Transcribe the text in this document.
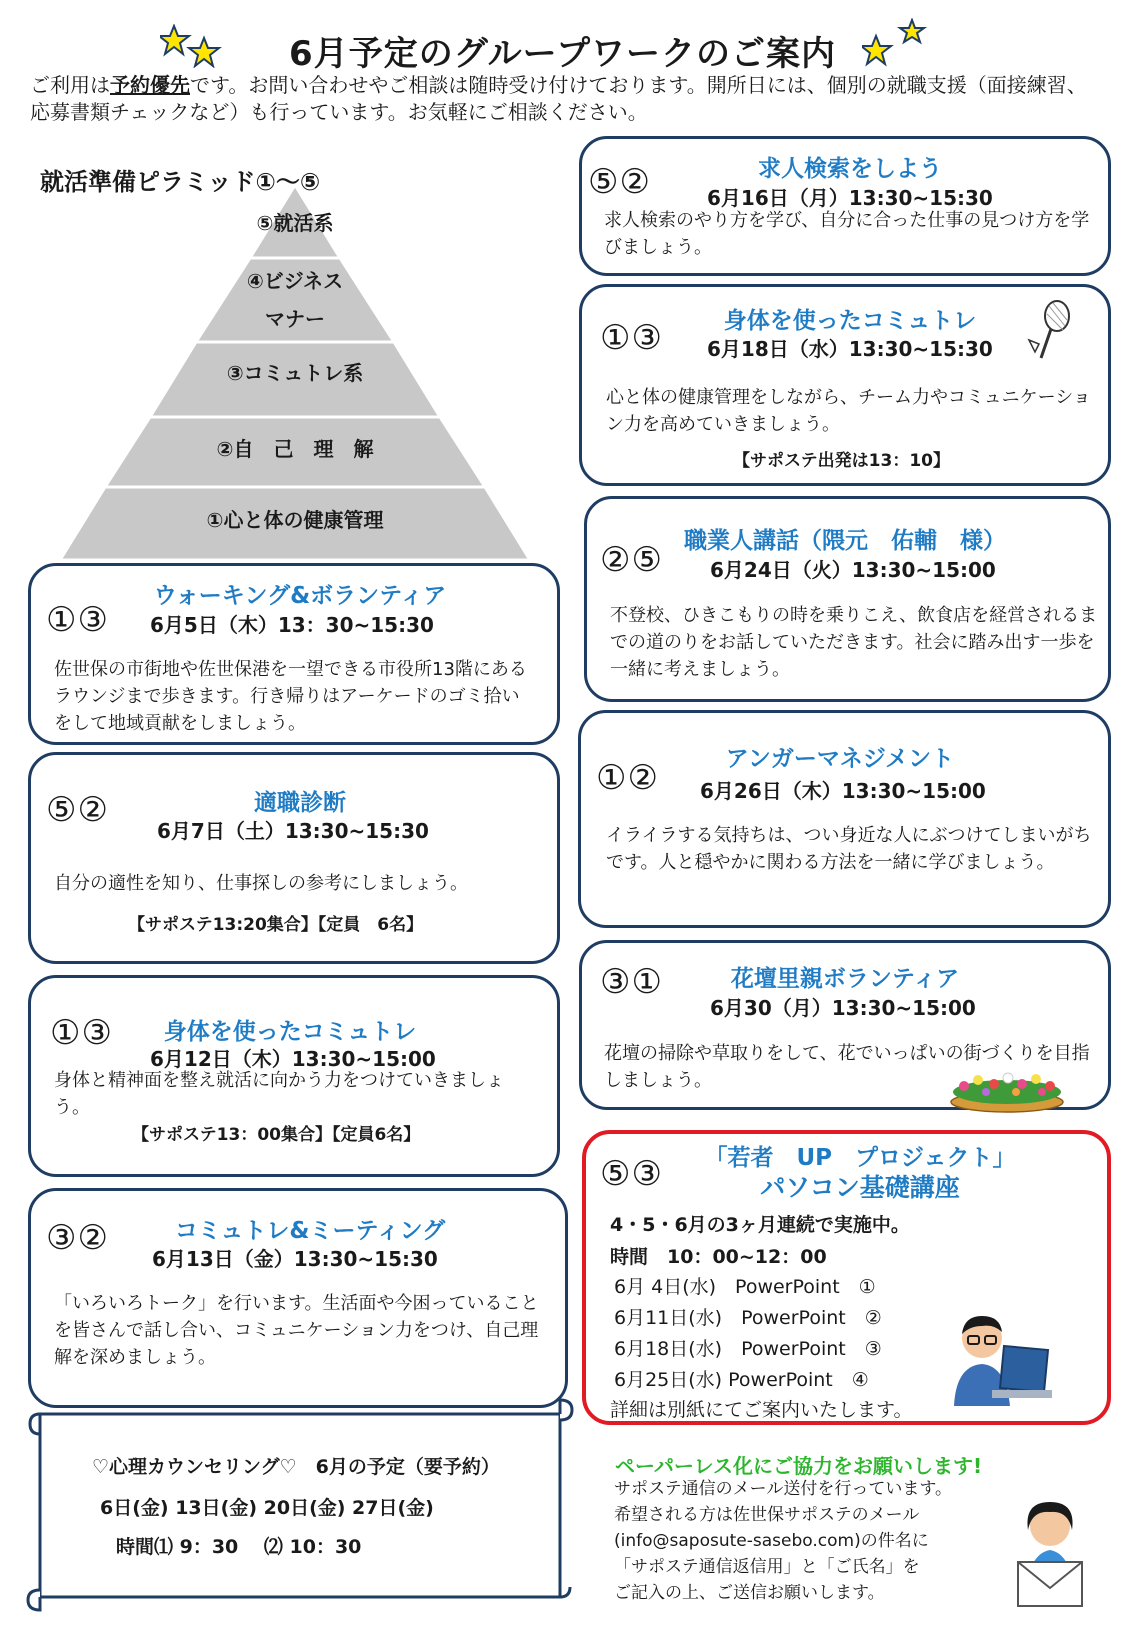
6月予定のグループワークのご案内
ご利用は予約優先です。お問い合わせやご相談は随時受け付けております。開所日には、個別の就職支援（面接練習、応募書類チェックなど）も行っています。お気軽にご相談ください。
就活準備ピラミッド①～⑤
⑤就活系
④ビジネス
マナー
③コミュトレ系
②自　己　理　解
①心と体の健康管理
①③
ウォーキング&ボランティア
6月5日（木）13：30~15:30
佐世保の市街地や佐世保港を一望できる市役所13階にあるラウンジまで歩きます。行き帰りはアーケードのゴミ拾いをして地域貢献をしましょう。
⑤②	適職診断
6月7日（土）13:30~15:30
自分の適性を知り、仕事探しの参考にしましょう。
【サポステ13:20集合】【定員　6名】
①③	身体を使ったコミュトレ
6月12日（木）13:30~15:00
身体と精神面を整え就活に向かう力をつけていきましょう。
【サポステ13：00集合】【定員6名】
③②	コミュトレ&ミーティング
6月13日（金）13:30~15:30
「いろいろトーク」を行います。生活面や今困っていることを皆さんで話し合い、コミュニケーション力をつけ、自己理解を深めましょう。
♡心理カウンセリング♡　6月の予定（要予約）
6日(金) 13日(金) 20日(金) 27日(金)
時間⑴ 9：30　 ⑵ 10：30
⑤②	求人検索をしよう
6月16日（月）13:30~15:30
求人検索のやり方を学び、自分に合った仕事の見つけ方を学びましょう。
①③	身体を使ったコミュトレ
6月18日（水）13:30~15:30
心と体の健康管理をしながら、チーム力やコミュニケーション力を高めていきましょう。
【サポステ出発は13：10】
②⑤ 職業人講話（隈元　佑輔　様）
6月24日（火）13:30~15:00
不登校、ひきこもりの時を乗りこえ、飲食店を経営されるまでの道のりをお話していただきます。社会に踏み出す一歩を一緒に考えましょう。
①②	アンガーマネジメント
6月26日（木）13:30~15:00
イライラする気持ちは、つい身近な人にぶつけてしまいがちです。人と穏やかに関わる方法を一緒に学びましょう。
③①	花壇里親ボランティア
6月30（月）13:30~15:00
花壇の掃除や草取りをして、花でいっぱいの街づくりを目指しましょう。
⑤③	「若者　UP　プロジェクト」
パソコン基礎講座
4・5・6月の3ヶ月連続で実施中。
時間　10：00~12：00
6月 4日(水)　PowerPoint　①
6月11日(水)　PowerPoint　②
6月18日(水)　PowerPoint　③
6月25日(水) PowerPoint　④
詳細は別紙にてご案内いたします。
ペーパーレス化にご協力をお願いします!
サポステ通信のメール送付を行っています。
希望される方は佐世保サポステのメール
(info@saposute-sasebo.com)の件名に
「サポステ通信返信用」と「ご氏名」を
ご記入の上、ご送信お願いします。
